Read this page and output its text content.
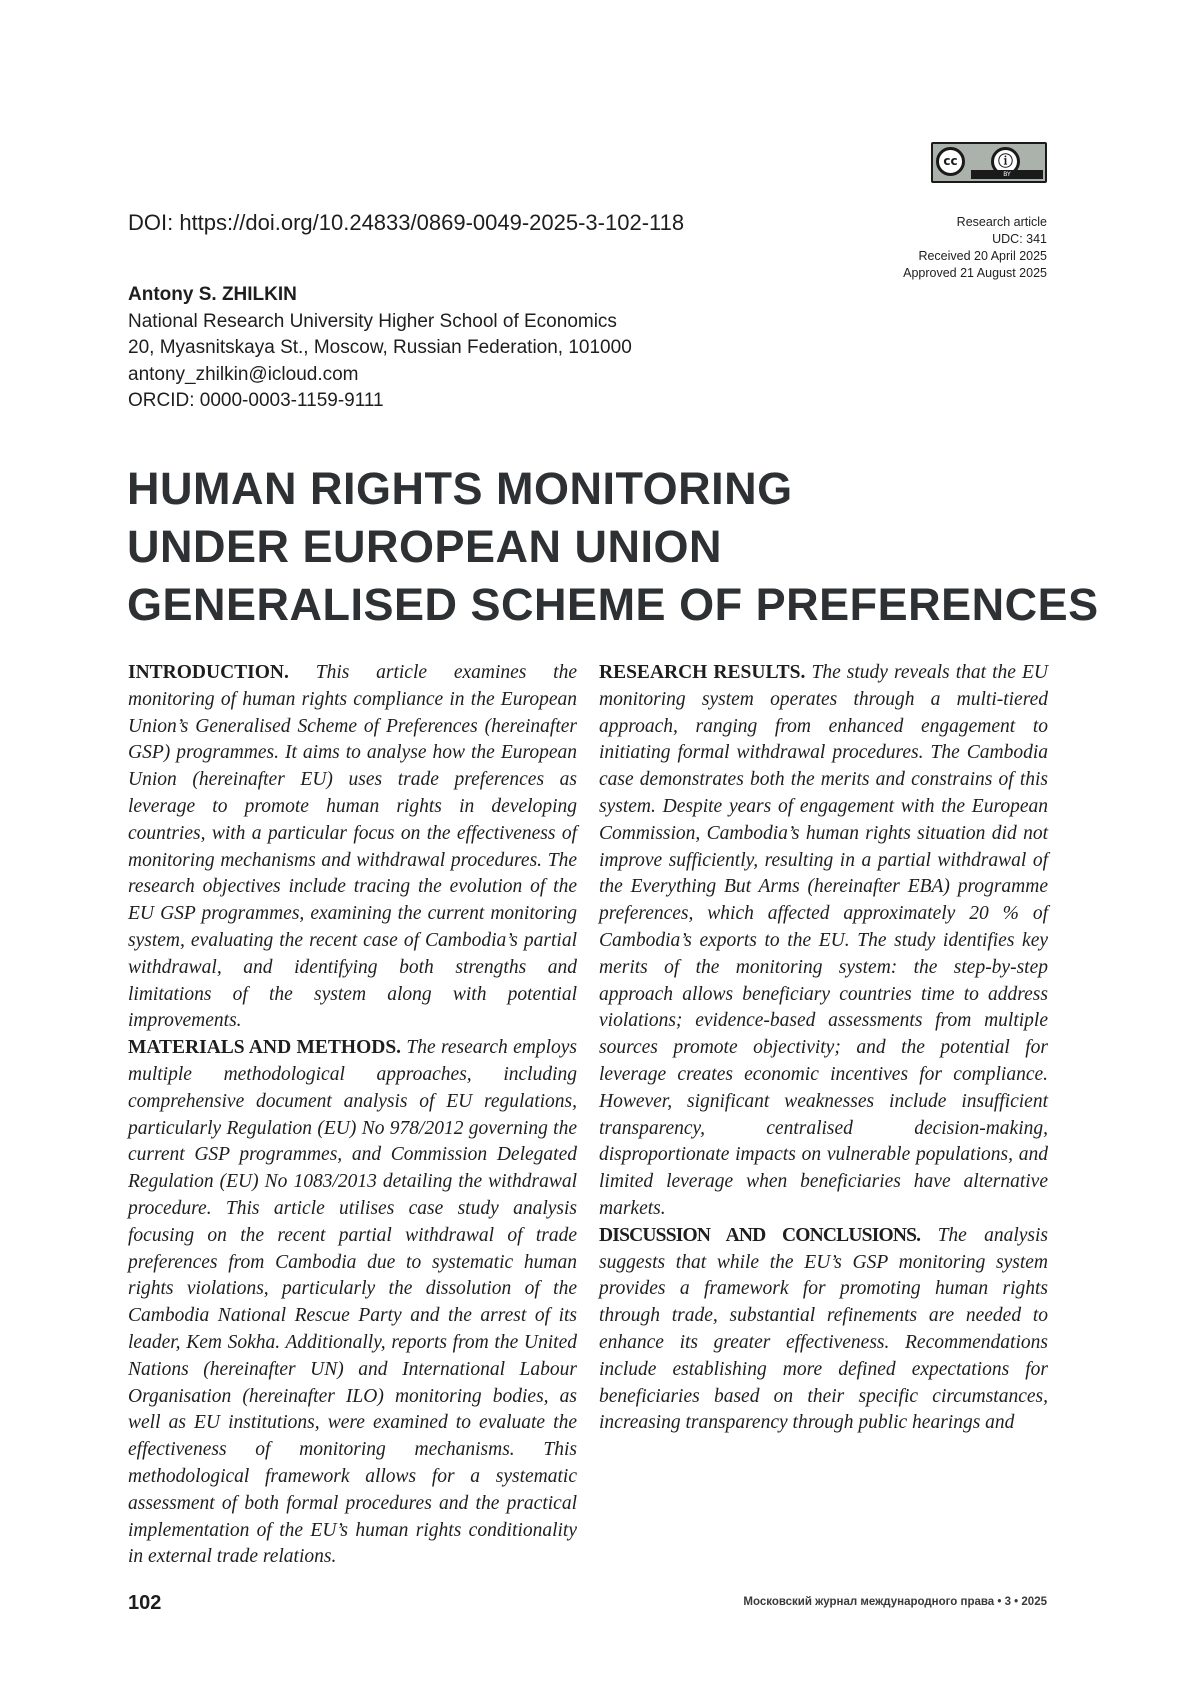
cc	ⓘ
BY
DOI: https://doi.org/10.24833/0869-0049-2025-3-102-118	Research article
UDC: 341
Received 20 April 2025
Approved 21 August 2025
Antony S. ZHILKIN
National Research University Higher School of Economics
20, Myasnitskaya St., Moscow, Russian Federation, 101000
antony_zhilkin@icloud.com
ORCID: 0000-0003-1159-9111
HUMAN RIGHTS MONITORING
UNDER EUROPEAN UNION
GENERALISED SCHEME OF PREFERENCES

INTRODUCTION. This article examines the monitoring of human rights compliance in the European Union’s Generalised Scheme of Preferences (hereinafter GSP) programmes. It aims to analyse how the European Union (hereinafter EU) uses trade preferences as leverage to promote human rights in developing countries, with a particular focus on the effectiveness of monitoring mechanisms and withdrawal procedures. The research objectives include tracing the evolution of the EU GSP programmes, examining the current monitoring system, evaluating the recent case of Cambodia’s partial withdrawal, and identifying both strengths and limitations of the system along with potential improvements.

MATERIALS AND METHODS. The research employs multiple methodological approaches, including comprehensive document analysis of EU regulations, particularly Regulation (EU) No 978/2012 governing the current GSP programmes, and Commission Delegated Regulation (EU) No 1083/2013 detailing the withdrawal procedure. This article utilises case study analysis focusing on the recent partial withdrawal of trade preferences from Cambodia due to systematic human rights violations, particularly the dissolution of the Cambodia National Rescue Party and the arrest of its leader, Kem Sokha. Additionally, reports from the United Nations (hereinafter UN) and International Labour Organisation (hereinafter ILO) monitoring bodies, as well as EU institutions, were examined to evaluate the effectiveness of monitoring mechanisms. This methodological framework allows for a systematic assessment of both formal procedures and the practical implementation of the EU’s human rights conditionality in external trade relations.

RESEARCH RESULTS. The study reveals that the EU monitoring system operates through a multi-tiered approach, ranging from enhanced engagement to initiating formal withdrawal procedures. The Cambodia case demonstrates both the merits and constrains of this system. Despite years of engagement with the European Commission, Cambodia’s human rights situation did not improve sufficiently, resulting in a partial withdrawal of the Everything But Arms (hereinafter EBA) programme preferences, which affected approximately 20 % of Cambodia’s exports to the EU. The study identifies key merits of the monitoring system: the step-by-step approach allows beneficiary countries time to address violations; evidence-based assessments from multiple sources promote objectivity; and the potential for leverage creates economic incentives for compliance. However, significant weaknesses include insufficient transparency, centralised decision-making, disproportionate impacts on vulnerable populations, and limited leverage when beneficiaries have alternative markets.

DISCUSSION AND CONCLUSIONS. The analysis suggests that while the EU’s GSP monitoring system provides a framework for promoting human rights through trade, substantial refinements are needed to enhance its greater effectiveness. Recommendations include establishing more defined expectations for beneficiaries based on their specific circumstances, increasing transparency through public hearings and

102	Московский журнал международного права • 3 • 2025
